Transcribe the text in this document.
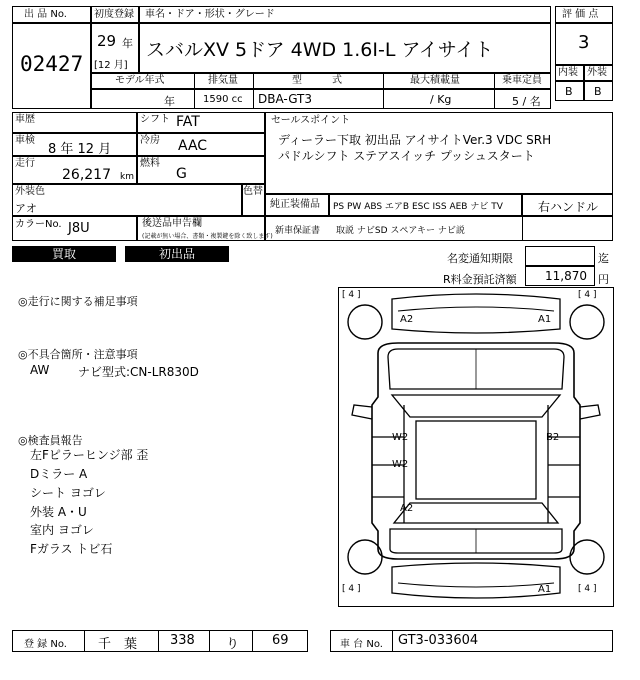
出 品 No.
02427
初度登録
29 年
[12 月]
車名・ドア・形状・グレード
スバルXV 5ドア 4WD 1.6I-L アイサイト
評 価 点
3
内装 外装
B B
モデル年式	排気量	型　　　式	最大積載量	乗車定員
年	1590 cc DBA-GT3	/ Kg	5 / 名
車歴	シフト FAT
車検
8 年 12 月
冷房 AAC
走行
26,217 km
燃料
G
外装色
アオ
色替
カラーNo. J8U	後送品申告欄
(記載が無い場合、書類・複製鍵を除く致します)
セールスポイント
ディーラー下取 初出品 アイサイトVer.3 VDC SRH
パドルシフト ステアスイッチ プッシュスタート
純正装備品 PS PW ABS エアB ESC ISS AEB ナビ TV	右ハンドル
新車保証書 取説 ナビSD スペアキー ナビ説
買取	初出品	名変通知期限	迄
R料金預託済額 11,870 円
◎走行に関する補足事項
◎不具合箇所・注意事項
AW ナビ型式:CN-LR830D
◎検査員報告
左Fピラーヒンジ部 歪
Dミラー A
シート ヨゴレ
外装 A・U
室内 ヨゴレ
Fガラス トビ石
[ 4 ]	[ 4 ]
[ 4 ]	[ 4 ]
A2	A1
A1
W2
W2
B2
A2
登 録 No. 千　葉	338 り	69	車 台 No. GT3-033604
